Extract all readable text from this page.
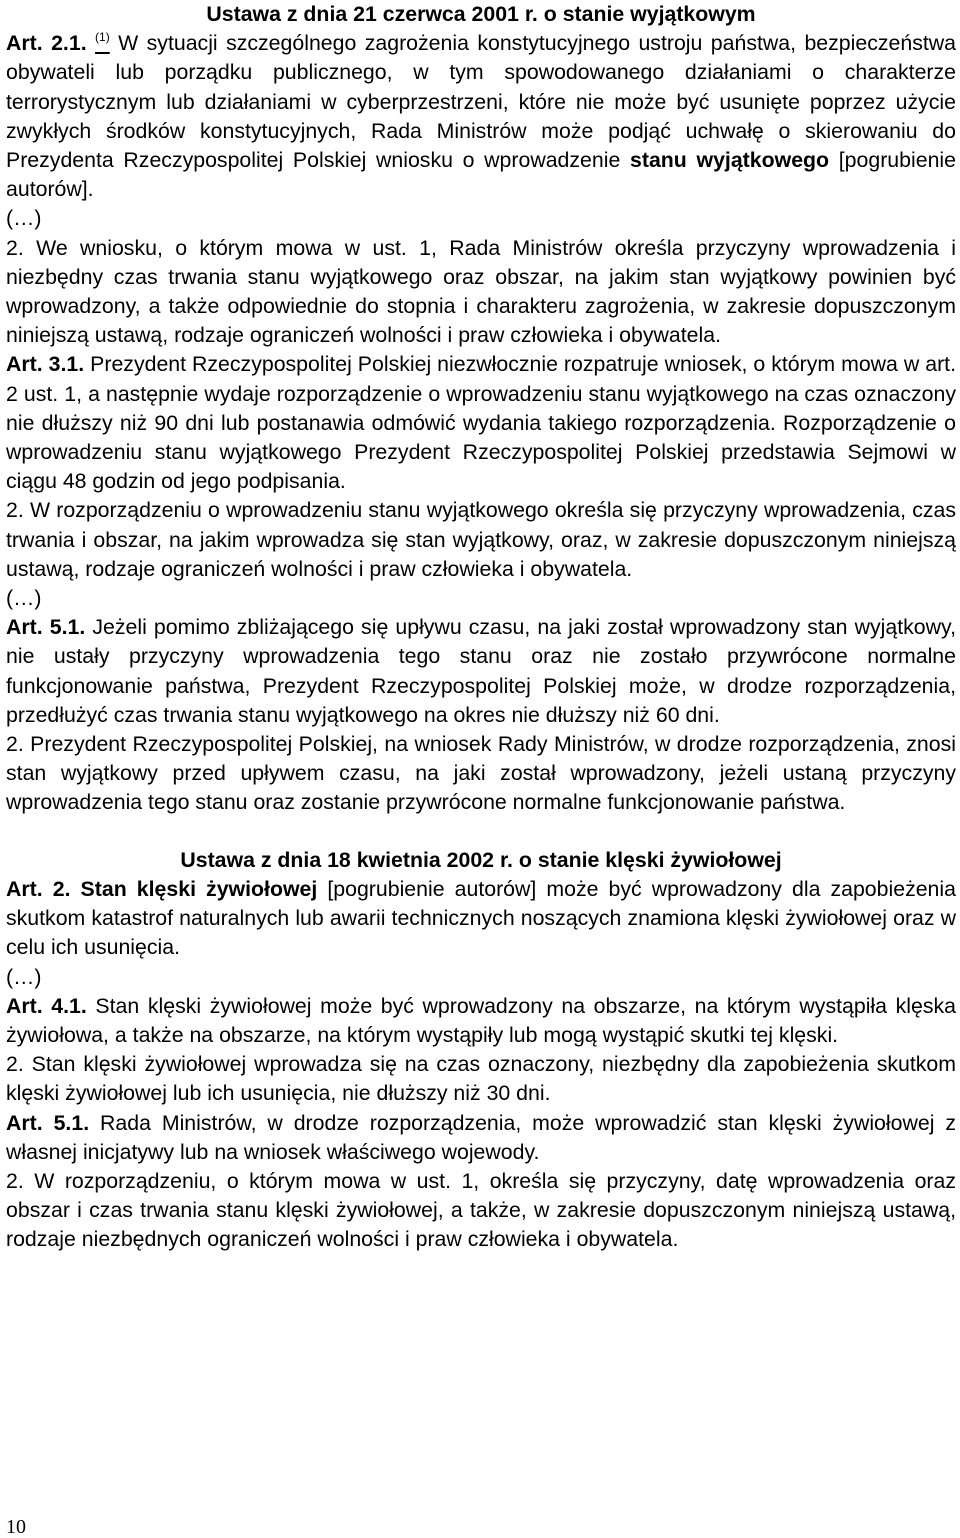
Ustawa z dnia 21 czerwca 2001 r. o stanie wyjątkowym

Art. 2.1. $^{(1)}$ W sytuacji szczególnego zagrożenia konstytucyjnego ustroju państwa, bezpieczeństwa obywateli lub porządku publicznego, w tym spowodowanego działaniami o charakterze terrorystycznym lub działaniami w cyberprzestrzeni, które nie może być usunięte poprzez użycie zwykłych środków konstytucyjnych, Rada Ministrów może podjąć uchwałę o skierowaniu do Prezydenta Rzeczypospolitej Polskiej wniosku o wprowadzenie stanu wyjątkowego [pogrubienie autorów].

(…)

2. We wniosku, o którym mowa w ust. 1, Rada Ministrów określa przyczyny wprowadzenia i niezbędny czas trwania stanu wyjątkowego oraz obszar, na jakim stan wyjątkowy powinien być wprowadzony, a także odpowiednie do stopnia i charakteru zagrożenia, w zakresie dopuszczonym niniejszą ustawą, rodzaje ograniczeń wolności i praw człowieka i obywatela.

Art. 3.1. Prezydent Rzeczypospolitej Polskiej niezwłocznie rozpatruje wniosek, o którym mowa w art. 2 ust. 1, a następnie wydaje rozporządzenie o wprowadzeniu stanu wyjątkowego na czas oznaczony nie dłuższy niż 90 dni lub postanawia odmówić wydania takiego rozporządzenia. Rozporządzenie o wprowadzeniu stanu wyjątkowego Prezydent Rzeczypospolitej Polskiej przedstawia Sejmowi w ciągu 48 godzin od jego podpisania.

2. W rozporządzeniu o wprowadzeniu stanu wyjątkowego określa się przyczyny wprowadzenia, czas trwania i obszar, na jakim wprowadza się stan wyjątkowy, oraz, w zakresie dopuszczonym niniejszą ustawą, rodzaje ograniczeń wolności i praw człowieka i obywatela.

(…)

Art. 5.1. Jeżeli pomimo zbliżającego się upływu czasu, na jaki został wprowadzony stan wyjątkowy, nie ustały przyczyny wprowadzenia tego stanu oraz nie zostało przywrócone normalne funkcjonowanie państwa, Prezydent Rzeczypospolitej Polskiej może, w drodze rozporządzenia, przedłużyć czas trwania stanu wyjątkowego na okres nie dłuższy niż 60 dni.

2. Prezydent Rzeczypospolitej Polskiej, na wniosek Rady Ministrów, w drodze rozporządzenia, znosi stan wyjątkowy przed upływem czasu, na jaki został wprowadzony, jeżeli ustaną przyczyny wprowadzenia tego stanu oraz zostanie przywrócone normalne funkcjonowanie państwa.

Ustawa z dnia 18 kwietnia 2002 r. o stanie klęski żywiołowej

Art. 2. Stan klęski żywiołowej [pogrubienie autorów] może być wprowadzony dla zapobieżenia skutkom katastrof naturalnych lub awarii technicznych noszących znamiona klęski żywiołowej oraz w celu ich usunięcia.

(…)

Art. 4.1. Stan klęski żywiołowej może być wprowadzony na obszarze, na którym wystąpiła klęska żywiołowa, a także na obszarze, na którym wystąpiły lub mogą wystąpić skutki tej klęski.

2. Stan klęski żywiołowej wprowadza się na czas oznaczony, niezbędny dla zapobieżenia skutkom klęski żywiołowej lub ich usunięcia, nie dłuższy niż 30 dni.

Art. 5.1. Rada Ministrów, w drodze rozporządzenia, może wprowadzić stan klęski żywiołowej z własnej inicjatywy lub na wniosek właściwego wojewody.

2. W rozporządzeniu, o którym mowa w ust. 1, określa się przyczyny, datę wprowadzenia oraz obszar i czas trwania stanu klęski żywiołowej, a także, w zakresie dopuszczonym niniejszą ustawą, rodzaje niezbędnych ograniczeń wolności i praw człowieka i obywatela.

10
